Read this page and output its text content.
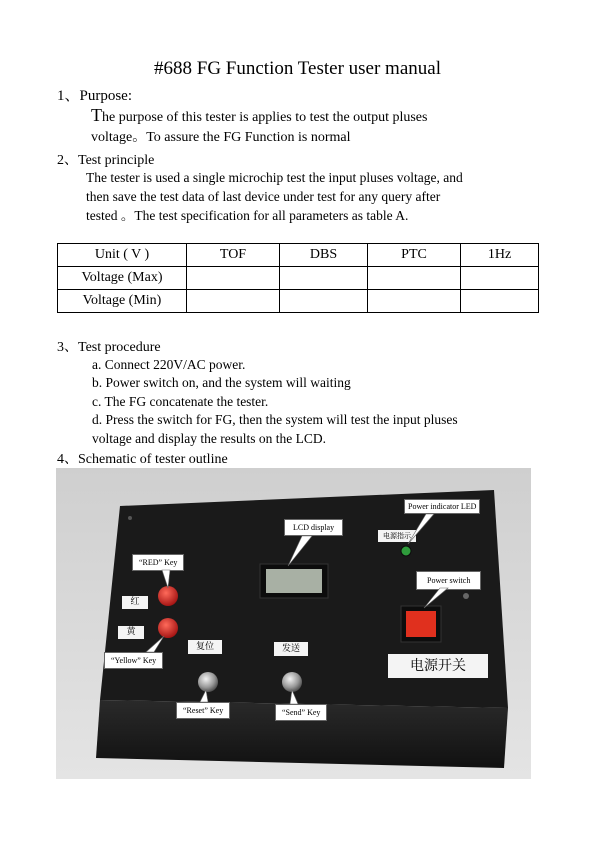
#688 FG Function Tester user manual
1、Purpose:
The purpose of this tester is applies to test the output pluses
voltage。To assure the FG Function is normal
2、Test principle
The tester is used a single microchip test the input pluses voltage, and
then save the test data of last device under test for any query after
tested 。The test specification for all parameters as table A.
Unit ( V )	TOF	DBS	PTC	1Hz
Voltage (Max)				
Voltage (Min)				
3、Test procedure
a. Connect 220V/AC power.
b. Power switch on, and the system will waiting
c. The FG concatenate the tester.
d. Press the switch for FG, then the system will test the input pluses
voltage and display the results on the LCD.
4、Schematic of tester outline
红
黄
复位	发送
电源指示
电源开关
Power indicator LED
LCD display
“RED” Key
Power switch
“Yellow” Key
“Reset” Key	“Send” Key
